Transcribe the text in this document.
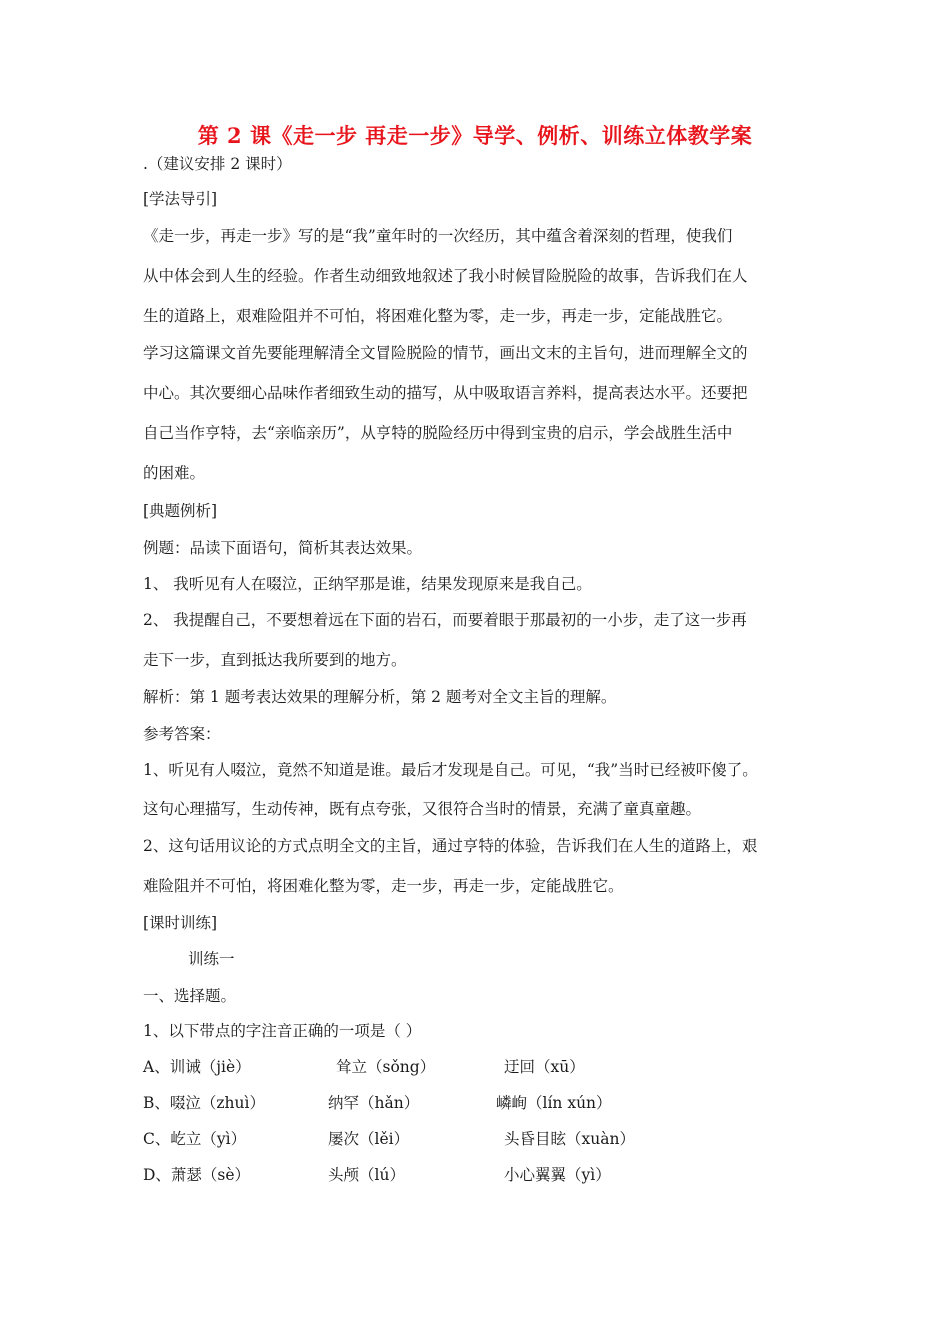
第 2 课《走一步 再走一步》导学、例析、训练立体教学案
.（建议安排 2 课时）
[学法导引]
《走一步，再走一步》写的是“我”童年时的一次经历，其中蕴含着深刻的哲理，使我们
从中体会到人生的经验。作者生动细致地叙述了我小时候冒险脱险的故事，告诉我们在人
生的道路上，艰难险阻并不可怕，将困难化整为零，走一步，再走一步，定能战胜它。
学习这篇课文首先要能理解清全文冒险脱险的情节，画出文末的主旨句，进而理解全文的
中心。其次要细心品味作者细致生动的描写，从中吸取语言养料，提高表达水平。还要把
自己当作亨特，去“亲临亲历”，从亨特的脱险经历中得到宝贵的启示，学会战胜生活中
的困难。
[典题例析]
例题：品读下面语句，简析其表达效果。
1、 我听见有人在啜泣，正纳罕那是谁，结果发现原来是我自己。
2、 我提醒自己，不要想着远在下面的岩石，而要着眼于那最初的一小步，走了这一步再
走下一步，直到抵达我所要到的地方。
解析：第 1 题考表达效果的理解分析，第 2 题考对全文主旨的理解。
参考答案：
1、听见有人啜泣，竟然不知道是谁。最后才发现是自己。可见，“我”当时已经被吓傻了。
这句心理描写，生动传神，既有点夸张，又很符合当时的情景，充满了童真童趣。
2、这句话用议论的方式点明全文的主旨，通过亨特的体验，告诉我们在人生的道路上，艰
难险阻并不可怕，将困难化整为零，走一步，再走一步，定能战胜它。
[课时训练]
训练一
一、选择题。
1、以下带点的字注音正确的一项是（ ）
A、训诫（jiè）	耸立（sǒng）	迂回（xū）
B、啜泣（zhuì）	纳罕（hǎn）	嶙峋（lín xún）
C、屹立（yì）	屡次（lěi）	头昏目眩（xuàn）
D、萧瑟（sè）	头颅（lú）	小心翼翼（yì）
